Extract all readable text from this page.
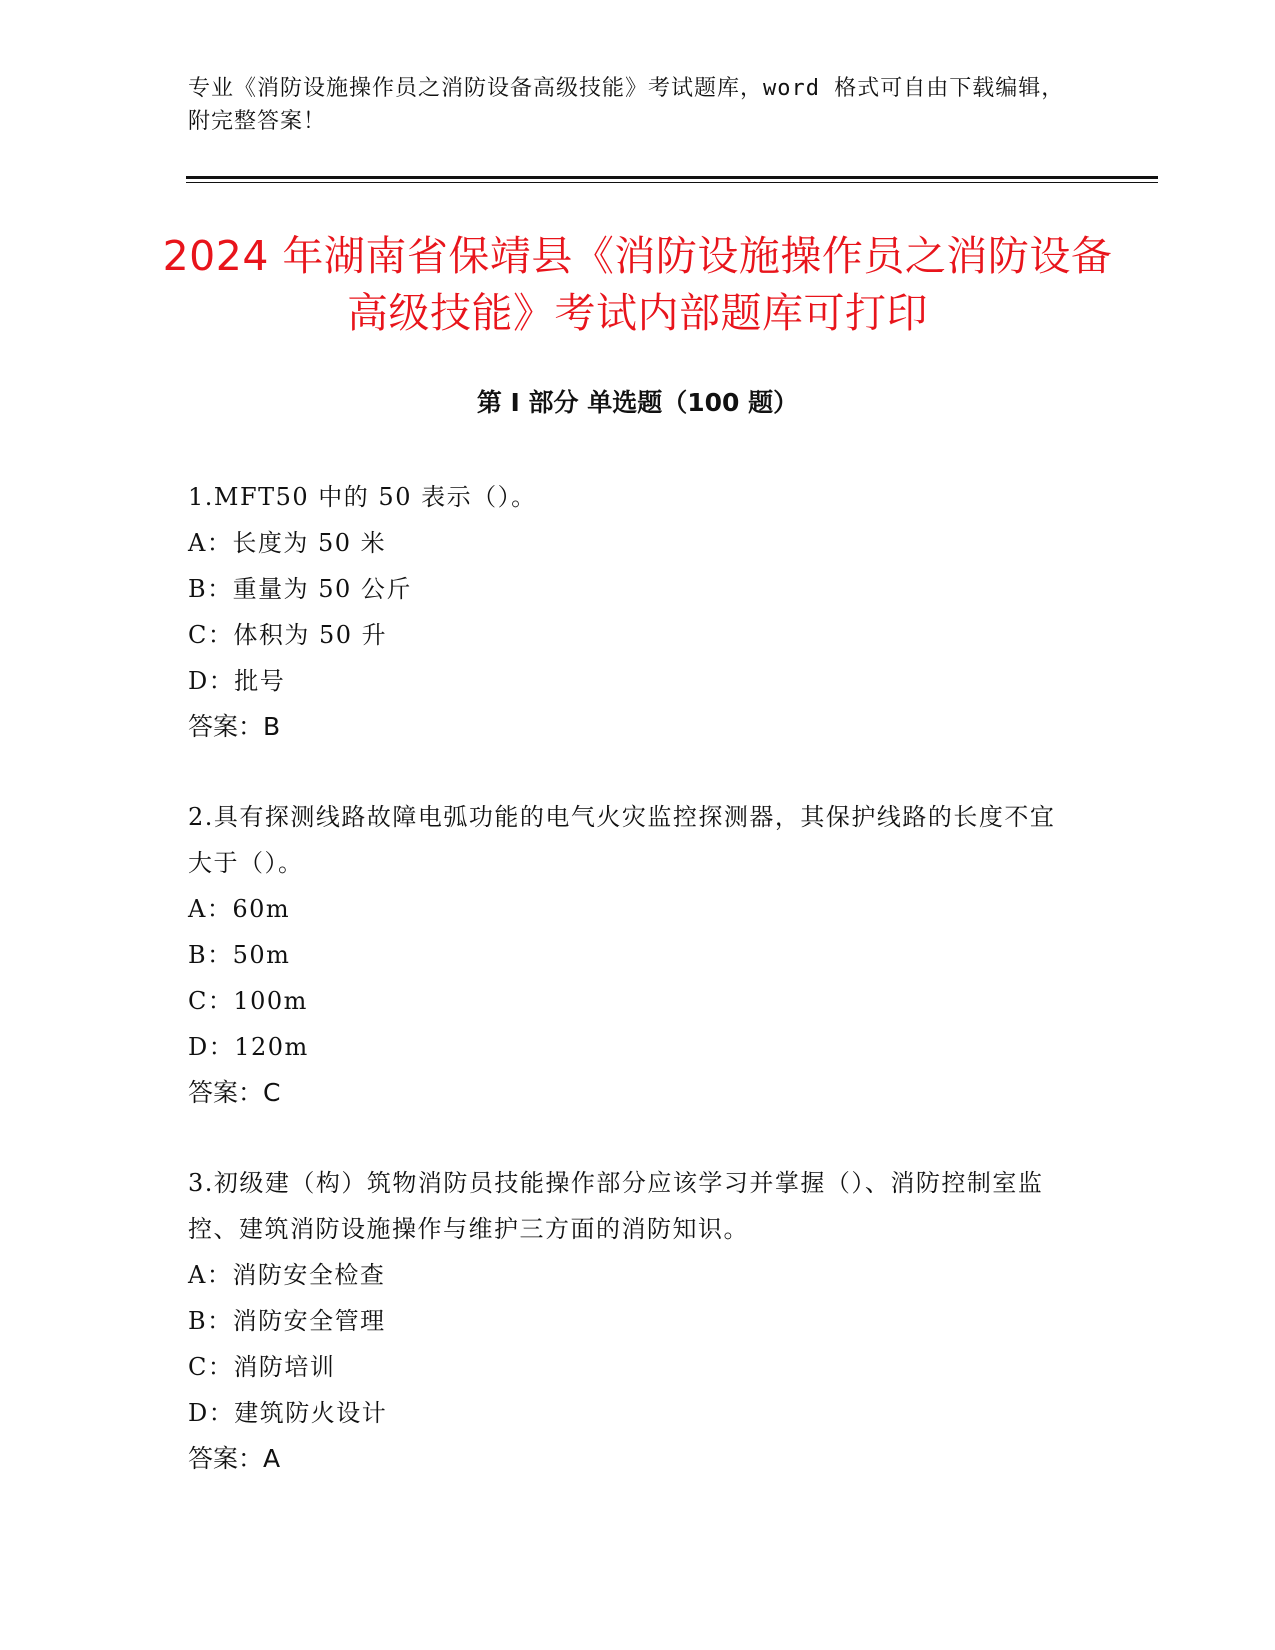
专业《消防设施操作员之消防设备高级技能》考试题库，word 格式可自由下载编辑，附完整答案！
2024 年湖南省保靖县《消防设施操作员之消防设备高级技能》考试内部题库可打印
第 I 部分 单选题（100 题）

1.MFT50 中的 50 表示（）。

A：长度为 50 米

B：重量为 50 公斤

C：体积为 50 升

D：批号

答案：B

2.具有探测线路故障电弧功能的电气火灾监控探测器，其保护线路的长度不宜大于（）。

A：60m

B：50m

C：100m

D：120m

答案：C

3.初级建（构）筑物消防员技能操作部分应该学习并掌握（）、消防控制室监控、建筑消防设施操作与维护三方面的消防知识。

A：消防安全检查

B：消防安全管理

C：消防培训

D：建筑防火设计

答案：A
